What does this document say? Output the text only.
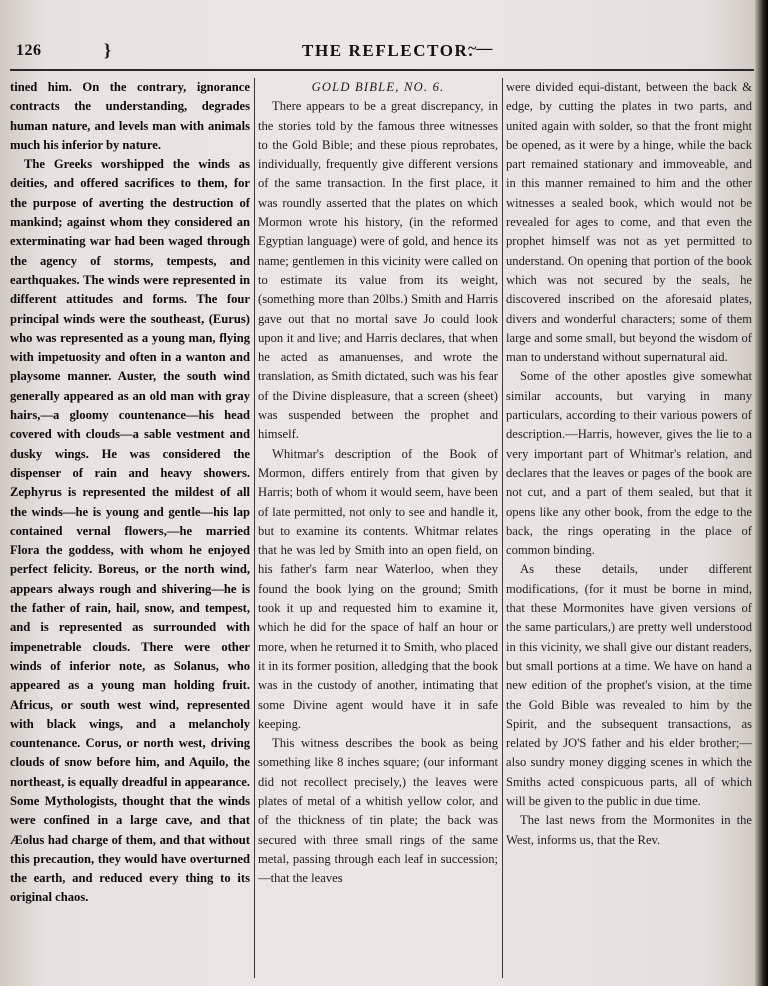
126	}	THE REFLECTOR.
~—

tined him. On the contrary, ignorance contracts the understanding, degrades human nature, and levels man with animals much his inferior by nature.

The Greeks worshipped the winds as deities, and offered sacrifices to them, for the purpose of averting the destruction of mankind; against whom they considered an exterminating war had been waged through the agency of storms, tempests, and earthquakes. The winds were represented in different attitudes and forms. The four principal winds were the southeast, (Eurus) who was represented as a young man, flying with impetuosity and often in a wanton and playsome manner. Auster, the south wind generally appeared as an old man with gray hairs,—a gloomy countenance—his head covered with clouds—a sable vestment and dusky wings. He was considered the dispenser of rain and heavy showers. Zephyrus is represented the mildest of all the winds—he is young and gentle—his lap contained vernal flowers,—he married Flora the goddess, with whom he enjoyed perfect felicity. Boreus, or the north wind, appears always rough and shivering—he is the father of rain, hail, snow, and tempest, and is represented as surrounded with impenetrable clouds. There were other winds of inferior note, as Solanus, who appeared as a young man holding fruit. Africus, or south west wind, represented with black wings, and a melancholy countenance. Corus, or north west, driving clouds of snow before him, and Aquilo, the northeast, is equally dreadful in appearance. Some Mythologists, thought that the winds were confined in a large cave, and that Æolus had charge of them, and that without this precaution, they would have overturned the earth, and reduced every thing to its original chaos.

GOLD BIBLE, NO. 6.

There appears to be a great discrepancy, in the stories told by the famous three witnesses to the Gold Bible; and these pious reprobates, individually, frequently give different versions of the same transaction. In the first place, it was roundly asserted that the plates on which Mormon wrote his history, (in the reformed Egyptian language) were of gold, and hence its name; gentlemen in this vicinity were called on to estimate its value from its weight, (something more than 20lbs.) Smith and Harris gave out that no mortal save Jo could look upon it and live; and Harris declares, that when he acted as amanuenses, and wrote the translation, as Smith dictated, such was his fear of the Divine displeasure, that a screen (sheet) was suspended between the prophet and himself.

Whitmar's description of the Book of Mormon, differs entirely from that given by Harris; both of whom it would seem, have been of late permitted, not only to see and handle it, but to examine its contents. Whitmar relates that he was led by Smith into an open field, on his father's farm near Waterloo, when they found the book lying on the ground; Smith took it up and requested him to examine it, which he did for the space of half an hour or more, when he returned it to Smith, who placed it in its former position, alledging that the book was in the custody of another, intimating that some Divine agent would have it in safe keeping.

This witness describes the book as being something like 8 inches square; (our informant did not recollect precisely,) the leaves were plates of metal of a whitish yellow color, and of the thickness of tin plate; the back was secured with three small rings of the same metal, passing through each leaf in succession;—that the leaves

were divided equi-distant, between the back & edge, by cutting the plates in two parts, and united again with solder, so that the front might be opened, as it were by a hinge, while the back part remained stationary and immoveable, and in this manner remained to him and the other witnesses a sealed book, which would not be revealed for ages to come, and that even the prophet himself was not as yet permitted to understand. On opening that portion of the book which was not secured by the seals, he discovered inscribed on the aforesaid plates, divers and wonderful characters; some of them large and some small, but beyond the wisdom of man to understand without supernatural aid.

Some of the other apostles give somewhat similar accounts, but varying in many particulars, according to their various powers of description.—Harris, however, gives the lie to a very important part of Whitmar's relation, and declares that the leaves or pages of the book are not cut, and a part of them sealed, but that it opens like any other book, from the edge to the back, the rings operating in the place of common binding.

As these details, under different modifications, (for it must be borne in mind, that these Mormonites have given versions of the same particulars,) are pretty well understood in this vicinity, we shall give our distant readers, but small portions at a time. We have on hand a new edition of the prophet's vision, at the time the Gold Bible was revealed to him by the Spirit, and the subsequent transactions, as related by JO'S father and his elder brother;—also sundry money digging scenes in which the Smiths acted conspicuous parts, all of which will be given to the public in due time.

The last news from the Mormonites in the West, informs us, that the Rev.
